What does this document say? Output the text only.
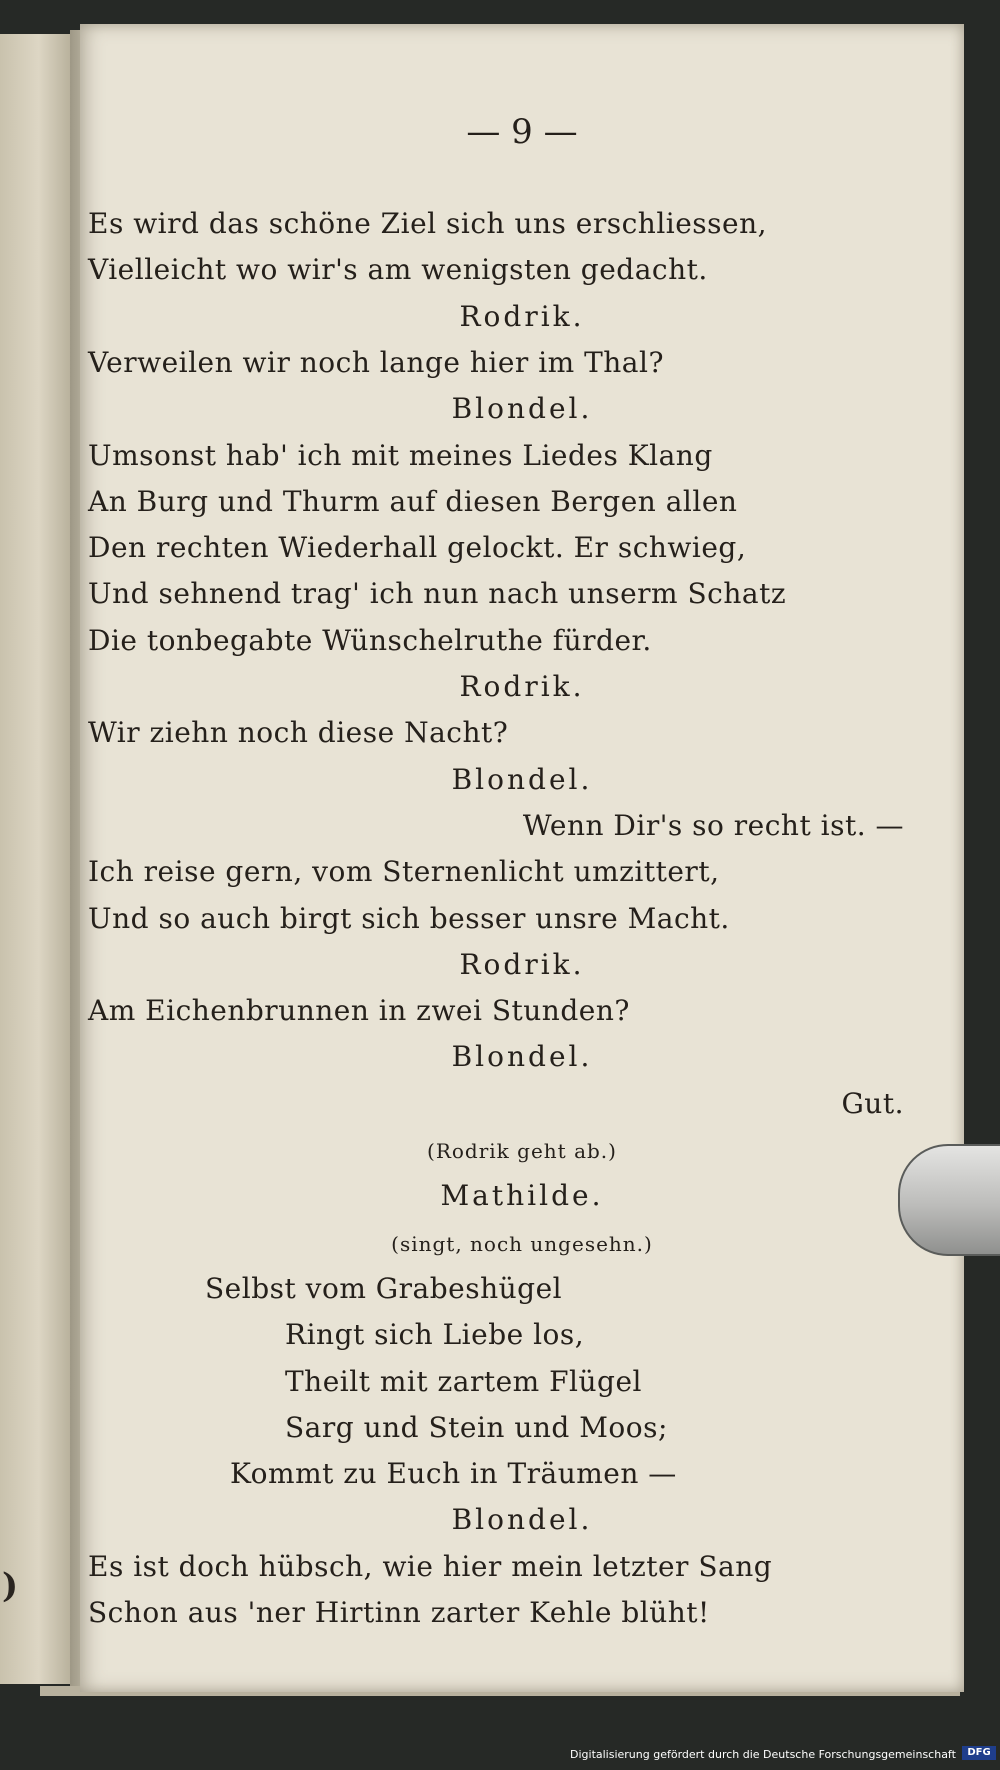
)
— 9 —
Es wird das schöne Ziel sich uns erschliessen,
Vielleicht wo wir's am wenigsten gedacht.
Rodrik.
Verweilen wir noch lange hier im Thal?
Blondel.
Umsonst hab' ich mit meines Liedes Klang
An Burg und Thurm auf diesen Bergen allen
Den rechten Wiederhall gelockt. Er schwieg,
Und sehnend trag' ich nun nach unserm Schatz
Die tonbegabte Wünschelruthe fürder.
Rodrik.
Wir ziehn noch diese Nacht?
Blondel.
Wenn Dir's so recht ist. —
Ich reise gern, vom Sternenlicht umzittert,
Und so auch birgt sich besser unsre Macht.
Rodrik.
Am Eichenbrunnen in zwei Stunden?
Blondel.
Gut.
(Rodrik geht ab.)
Mathilde.
(singt, noch ungesehn.)
Selbst vom Grabeshügel
Ringt sich Liebe los,
Theilt mit zartem Flügel
Sarg und Stein und Moos;
Kommt zu Euch in Träumen —
Blondel.
Es ist doch hübsch, wie hier mein letzter Sang
Schon aus 'ner Hirtinn zarter Kehle blüht!
Digitalisierung gefördert durch die Deutsche Forschungsgemeinschaft	DFG
